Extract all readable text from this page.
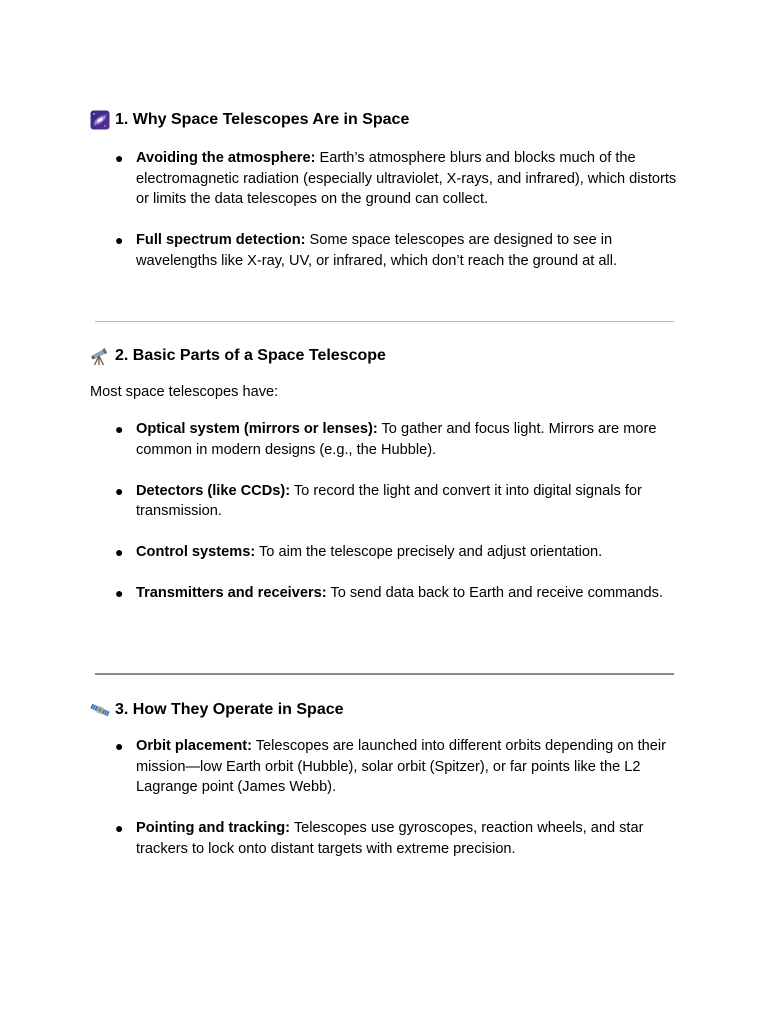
1. Why Space Telescopes Are in Space
● Avoiding the atmosphere: Earth’s atmosphere blurs and blocks much of the electromagnetic radiation (especially ultraviolet, X-rays, and infrared), which distorts or limits the data telescopes on the ground can collect.
● Full spectrum detection: Some space telescopes are designed to see in wavelengths like X-ray, UV, or infrared, which don’t reach the ground at all.
2. Basic Parts of a Space Telescope
Most space telescopes have:
● Optical system (mirrors or lenses): To gather and focus light. Mirrors are more common in modern designs (e.g., the Hubble).
● Detectors (like CCDs): To record the light and convert it into digital signals for transmission.
● Control systems: To aim the telescope precisely and adjust orientation.
● Transmitters and receivers: To send data back to Earth and receive commands.
3. How They Operate in Space
● Orbit placement: Telescopes are launched into different orbits depending on their mission—low Earth orbit (Hubble), solar orbit (Spitzer), or far points like the L2 Lagrange point (James Webb).
● Pointing and tracking: Telescopes use gyroscopes, reaction wheels, and star trackers to lock onto distant targets with extreme precision.
